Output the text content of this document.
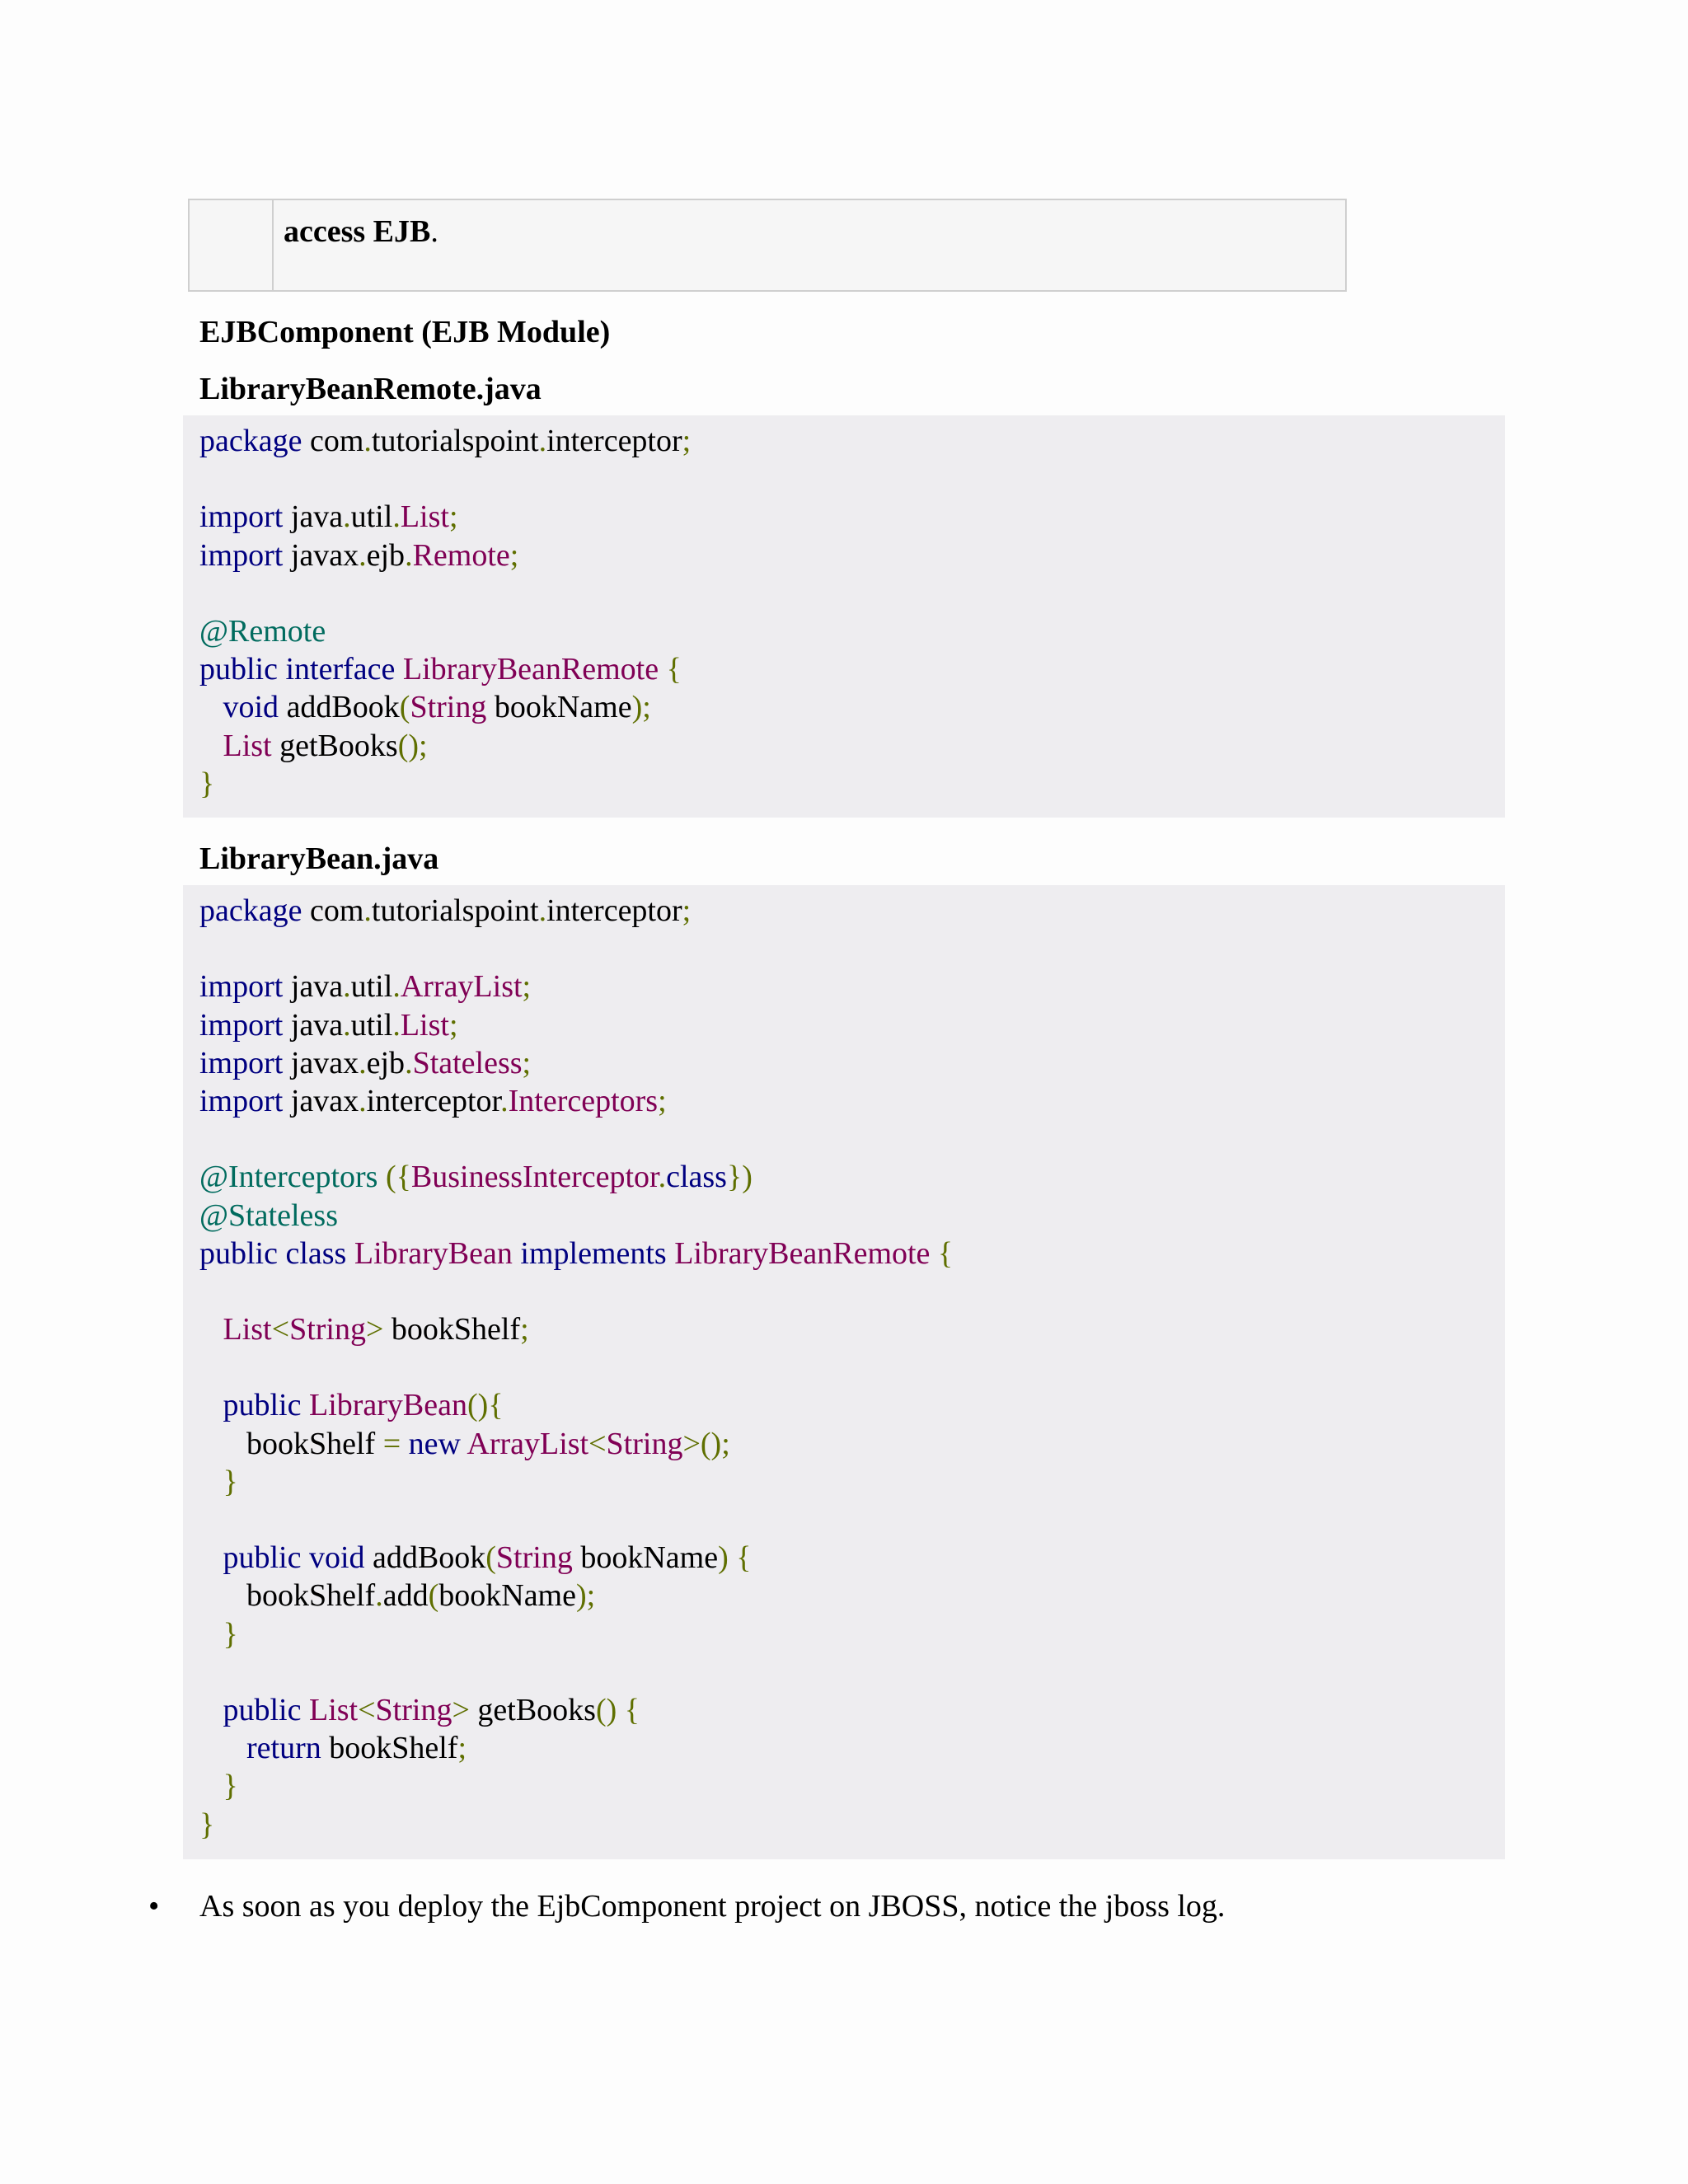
access EJB.
EJBComponent (EJB Module)
LibraryBeanRemote.java
package com.tutorialspoint.interceptor;
import java.util.List;
import javax.ejb.Remote;
@Remote
public interface LibraryBeanRemote {
void addBook(String bookName);
List getBooks();
}
LibraryBean.java
package com.tutorialspoint.interceptor;
import java.util.ArrayList;
import java.util.List;
import javax.ejb.Stateless;
import javax.interceptor.Interceptors;
@Interceptors ({BusinessInterceptor.class})
@Stateless
public class LibraryBean implements LibraryBeanRemote {
List<String> bookShelf;
public LibraryBean(){
bookShelf = new ArrayList<String>();
}
public void addBook(String bookName) {
bookShelf.add(bookName);
}
public List<String> getBooks() {
return bookShelf;
}
}
•	As soon as you deploy the EjbComponent project on JBOSS, notice the jboss log.
